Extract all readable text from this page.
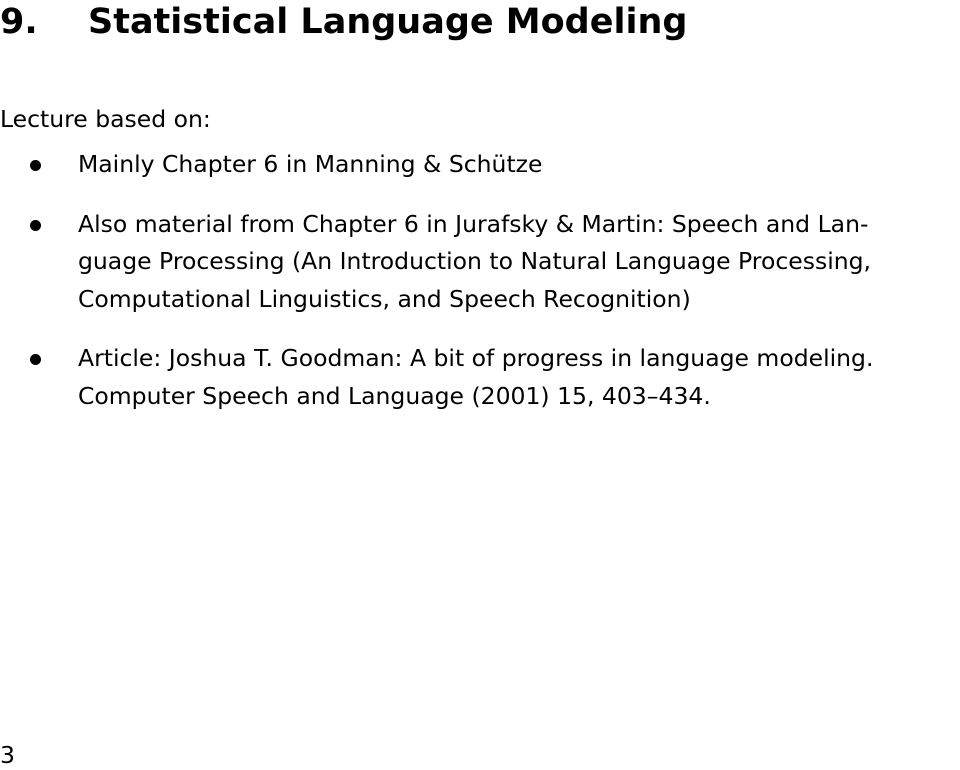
9. Statistical Language Modeling
Lecture based on:
Mainly Chapter 6 in Manning & Schütze
Also material from Chapter 6 in Jurafsky & Martin: Speech and Lan-
guage Processing (An Introduction to Natural Language Processing,
Computational Linguistics, and Speech Recognition)
Article: Joshua T. Goodman: A bit of progress in language modeling.
Computer Speech and Language (2001) 15, 403–434.
3
